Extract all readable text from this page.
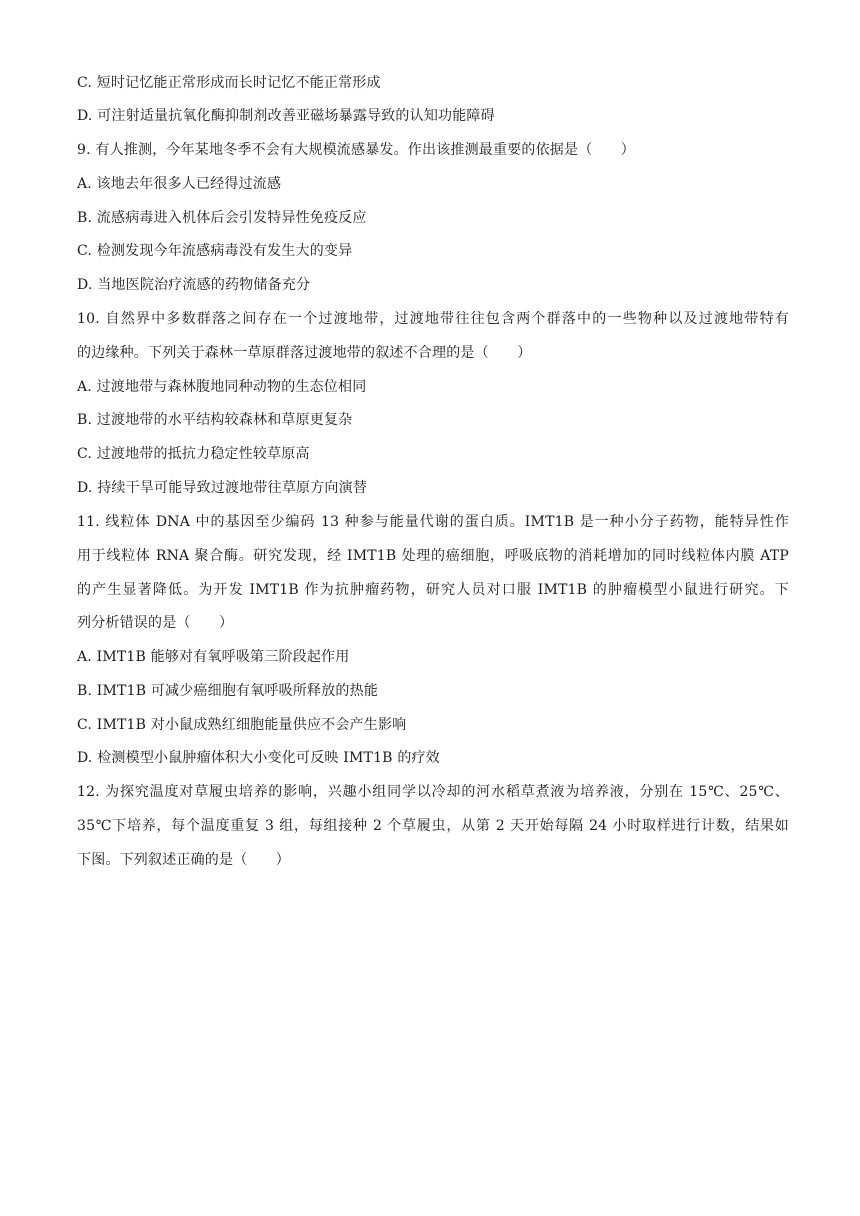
C. 短时记忆能正常形成而长时记忆不能正常形成
D. 可注射适量抗氧化酶抑制剂改善亚磁场暴露导致的认知功能障碍
9. 有人推测，今年某地冬季不会有大规模流感暴发。作出该推测最重要的依据是（　　）
A. 该地去年很多人已经得过流感
B. 流感病毒进入机体后会引发特异性免疫反应
C. 检测发现今年流感病毒没有发生大的变异
D. 当地医院治疗流感的药物储备充分
10. 自然界中多数群落之间存在一个过渡地带，过渡地带往往包含两个群落中的一些物种以及过渡地带特有
的边缘种。下列关于森林一草原群落过渡地带的叙述不合理的是（　　）
A. 过渡地带与森林腹地同种动物的生态位相同
B. 过渡地带的水平结构较森林和草原更复杂
C. 过渡地带的抵抗力稳定性较草原高
D. 持续干旱可能导致过渡地带往草原方向演替
11. 线粒体 DNA 中的基因至少编码 13 种参与能量代谢的蛋白质。IMT1B 是一种小分子药物，能特异性作
用于线粒体 RNA 聚合酶。研究发现，经 IMT1B 处理的癌细胞，呼吸底物的消耗增加的同时线粒体内膜 ATP
的产生显著降低。为开发 IMT1B 作为抗肿瘤药物，研究人员对口服 IMT1B 的肿瘤模型小鼠进行研究。下
列分析错误的是（　　）
A. IMT1B 能够对有氧呼吸第三阶段起作用
B. IMT1B 可减少癌细胞有氧呼吸所释放的热能
C. IMT1B 对小鼠成熟红细胞能量供应不会产生影响
D. 检测模型小鼠肿瘤体积大小变化可反映 IMT1B 的疗效
12. 为探究温度对草履虫培养的影响，兴趣小组同学以冷却的河水稻草煮液为培养液，分别在 15℃、25℃、
35℃下培养，每个温度重复 3 组，每组接种 2 个草履虫，从第 2 天开始每隔 24 小时取样进行计数，结果如
下图。下列叙述正确的是（　　）
